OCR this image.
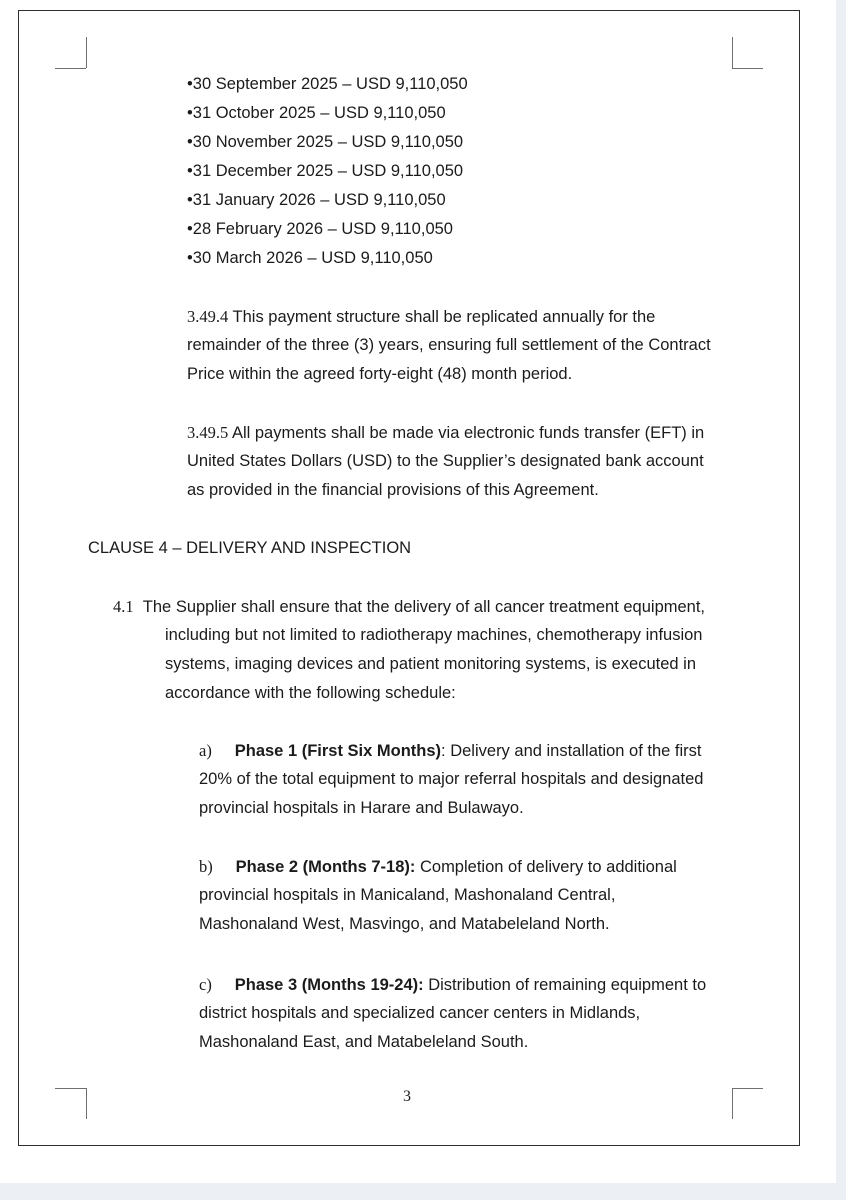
•30 September 2025 – USD 9,110,050
•31 October 2025 – USD 9,110,050
•30 November 2025 – USD 9,110,050
•31 December 2025 – USD 9,110,050
•31 January 2026 – USD 9,110,050
•28 February 2026 – USD 9,110,050
•30 March 2026 – USD 9,110,050
3.49.4 This payment structure shall be replicated annually for the
remainder of the three (3) years, ensuring full settlement of the Contract
Price within the agreed forty-eight (48) month period.
3.49.5 All payments shall be made via electronic funds transfer (EFT) in
United States Dollars (USD) to the Supplier’s designated bank account
as provided in the financial provisions of this Agreement.
CLAUSE 4 – DELIVERY AND INSPECTION
4.1 The Supplier shall ensure that the delivery of all cancer treatment equipment,
including but not limited to radiotherapy machines, chemotherapy infusion
systems, imaging devices and patient monitoring systems, is executed in
accordance with the following schedule:
a) Phase 1 (First Six Months): Delivery and installation of the first
20% of the total equipment to major referral hospitals and designated
provincial hospitals in Harare and Bulawayo.
b) Phase 2 (Months 7-18): Completion of delivery to additional
provincial hospitals in Manicaland, Mashonaland Central,
Mashonaland West, Masvingo, and Matabeleland North.
c) Phase 3 (Months 19-24): Distribution of remaining equipment to
district hospitals and specialized cancer centers in Midlands,
Mashonaland East, and Matabeleland South.
3
